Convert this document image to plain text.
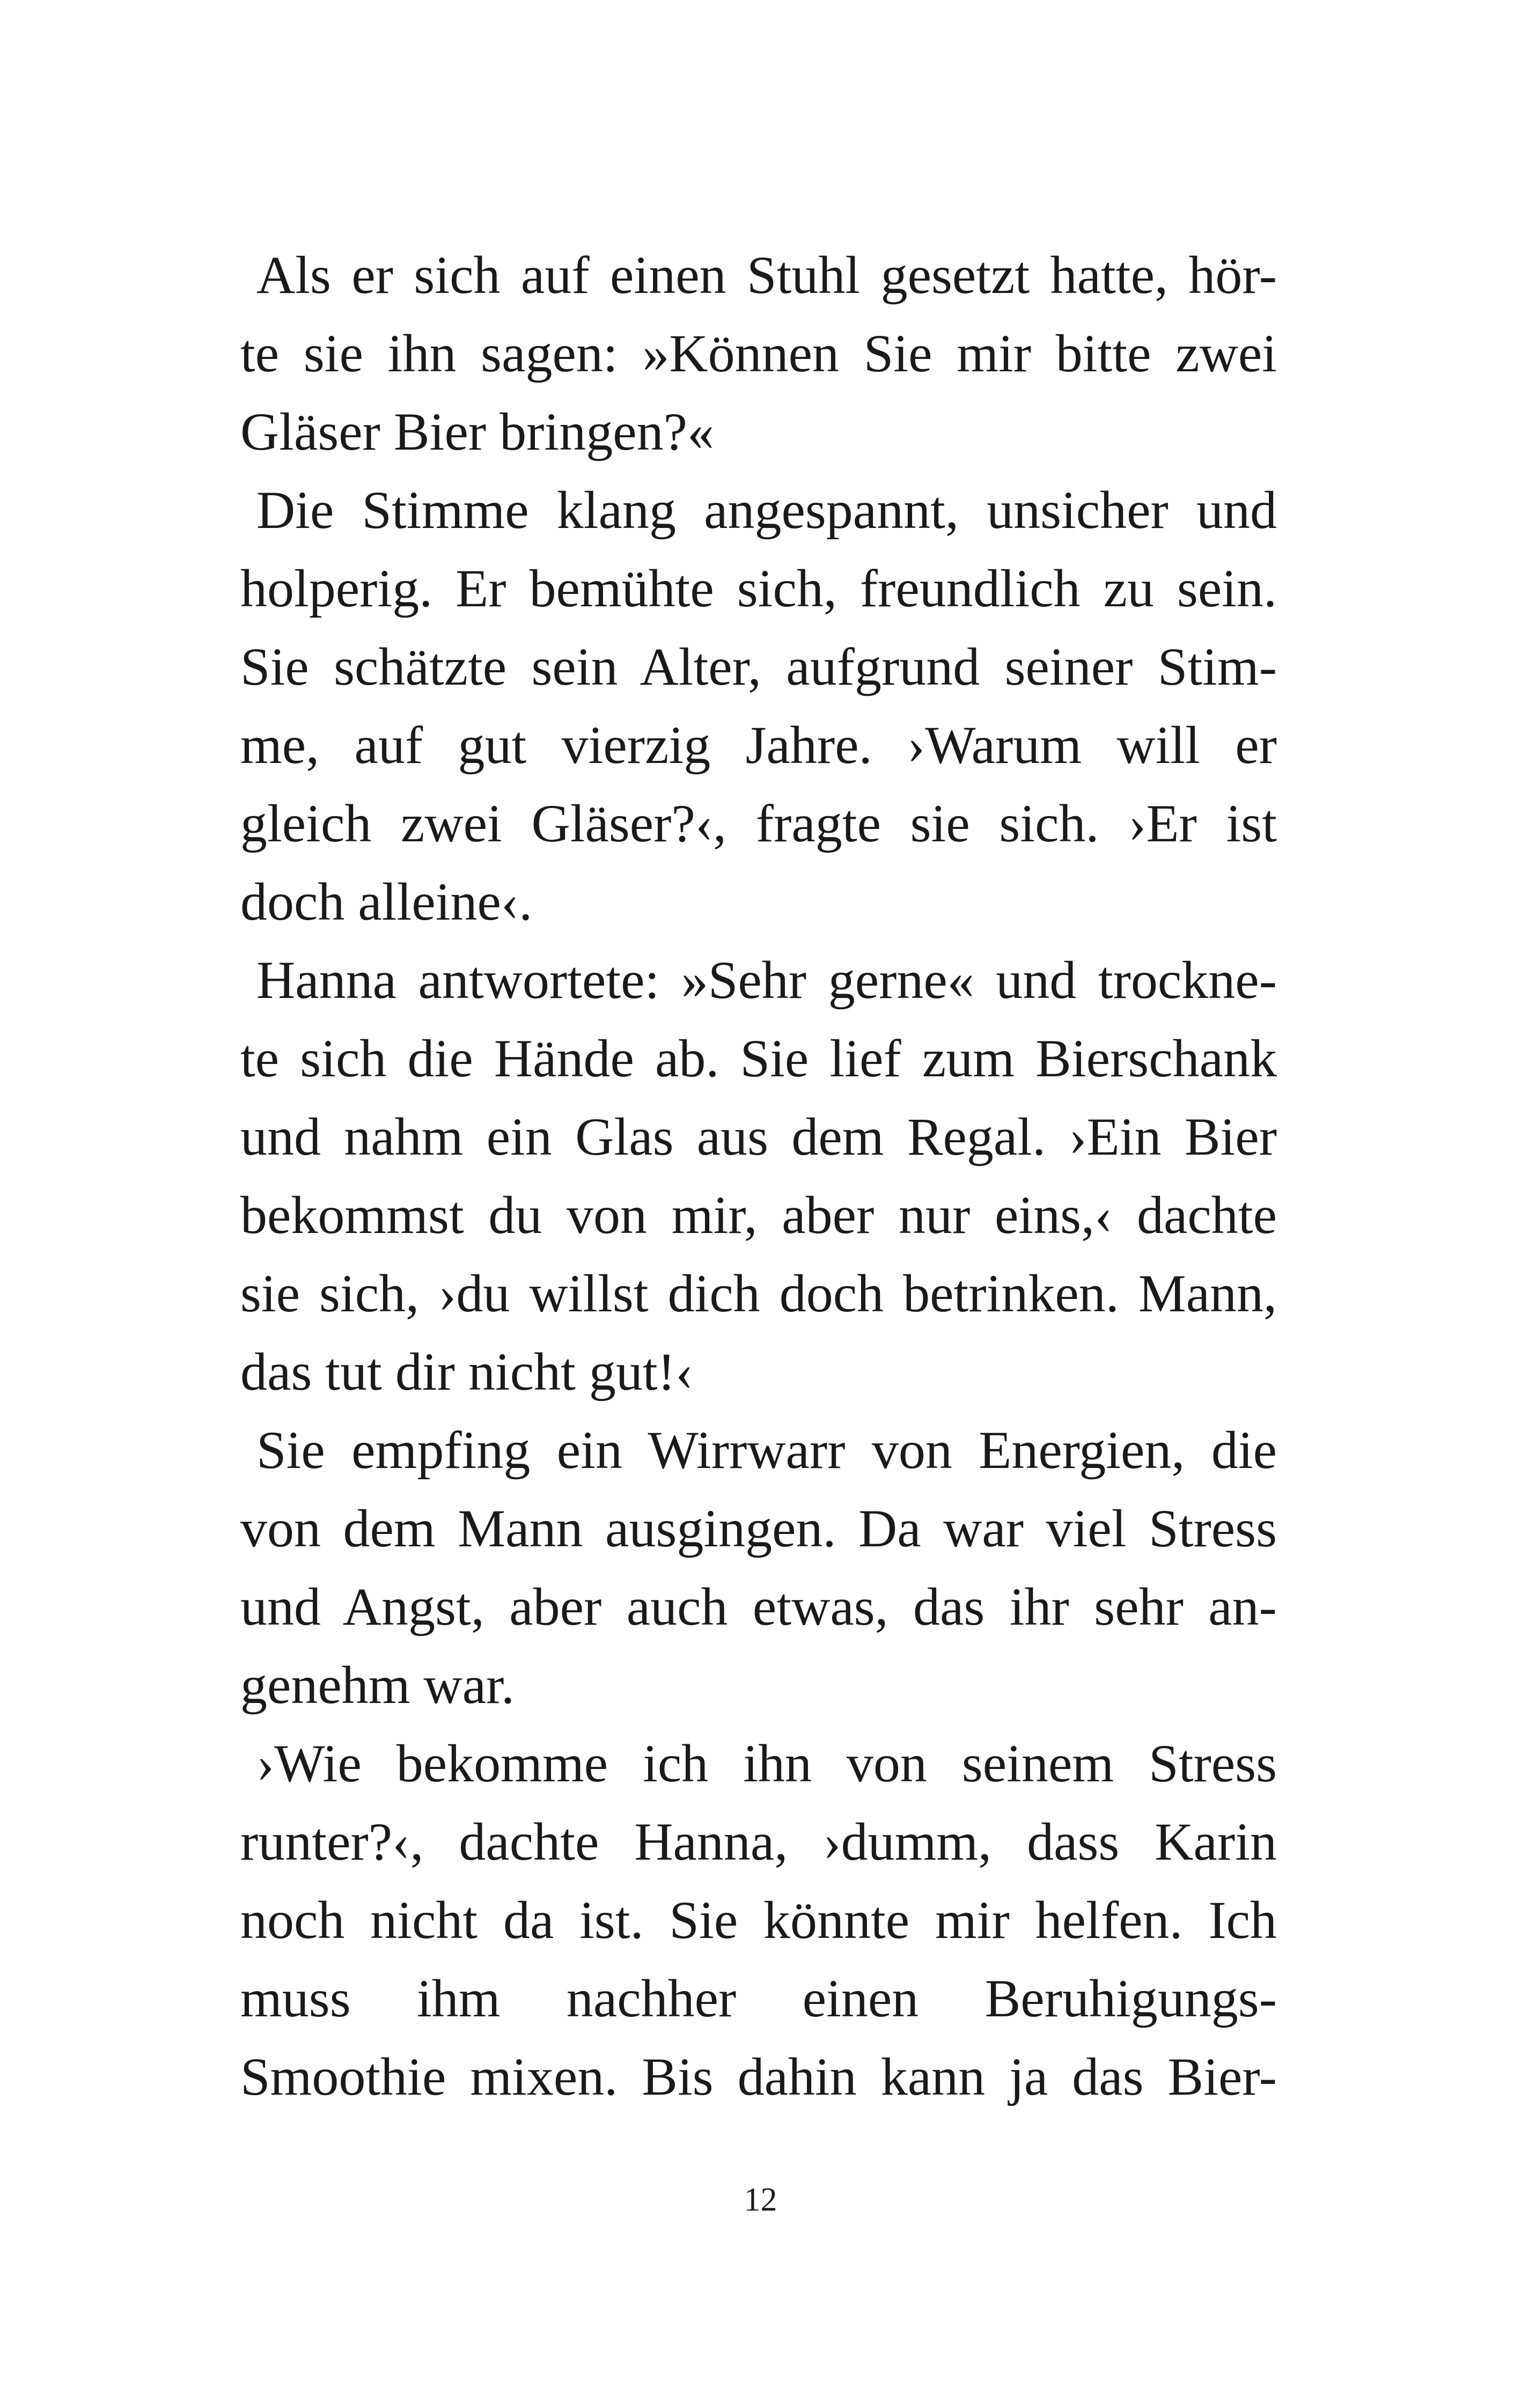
Als er sich auf einen Stuhl gesetzt hatte, hör-
te sie ihn sagen: »Können Sie mir bitte zwei
Gläser Bier bringen?«
Die Stimme klang angespannt, unsicher und
holperig. Er bemühte sich, freundlich zu sein.
Sie schätzte sein Alter, aufgrund seiner Stim-
me, auf gut vierzig Jahre. ›Warum will er
gleich zwei Gläser?‹, fragte sie sich. ›Er ist
doch alleine‹.
Hanna antwortete: »Sehr gerne« und trockne-
te sich die Hände ab. Sie lief zum Bierschank
und nahm ein Glas aus dem Regal. ›Ein Bier
bekommst du von mir, aber nur eins,‹ dachte
sie sich, ›du willst dich doch betrinken. Mann,
das tut dir nicht gut!‹
Sie empfing ein Wirrwarr von Energien, die
von dem Mann ausgingen. Da war viel Stress
und Angst, aber auch etwas, das ihr sehr an-
genehm war.
›Wie bekomme ich ihn von seinem Stress
runter?‹, dachte Hanna, ›dumm, dass Karin
noch nicht da ist. Sie könnte mir helfen. Ich
muss ihm nachher einen Beruhigungs-
Smoothie mixen. Bis dahin kann ja das Bier-
12
